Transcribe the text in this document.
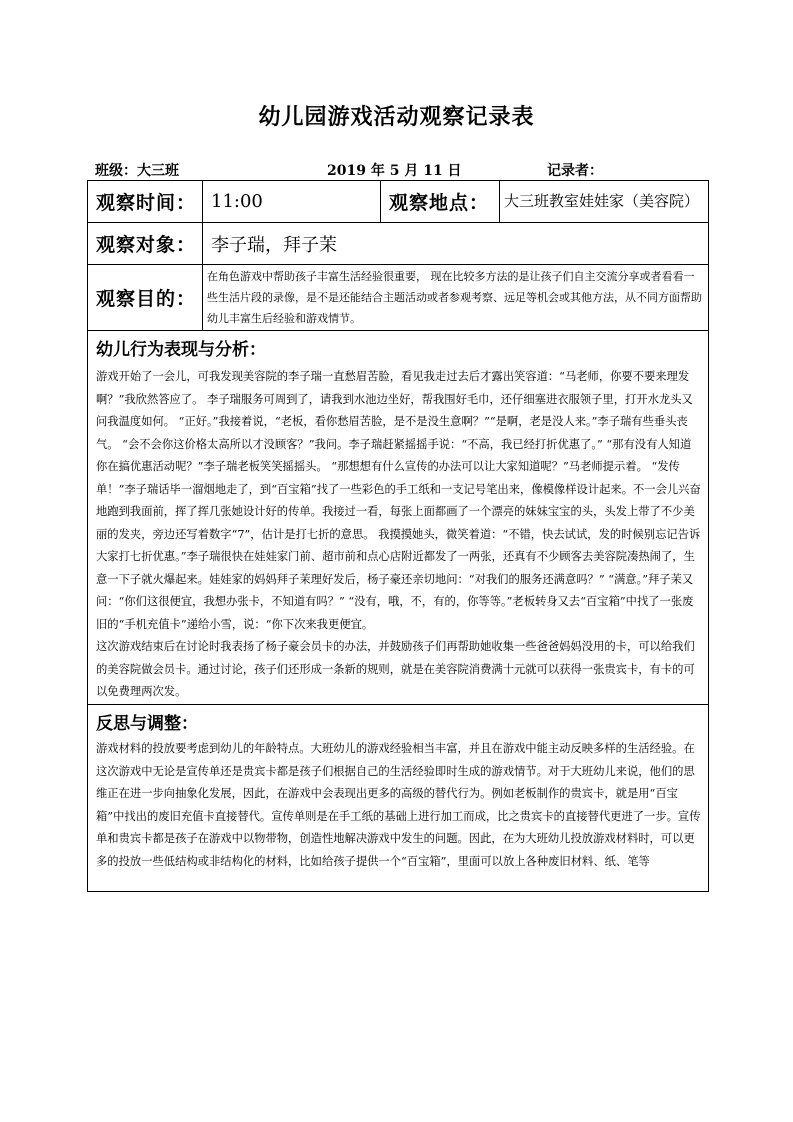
幼儿园游戏活动观察记录表
班级：大三班	2019 年 5 月 11 日	记录者：
观察时间：	11:00	观察地点：	大三班教室娃娃家（美容院）
观察对象：	李子瑞，拜子茉		
观察目的：	在角色游戏中帮助孩子丰富生活经验很重要， 现在比较多方法的是让孩子们自主交流分享或者看看一些生活片段的录像，是不是还能结合主题活动或者参观考察、远足等机会或其他方法，从不同方面帮助幼儿丰富生后经验和游戏情节。		

幼儿行为表现与分析：

游戏开始了一会儿，可我发现美容院的李子瑞一直愁眉苦脸，看见我走过去后才露出笑容道：“马老师，你要不要来理发啊？”我欣然答应了。 李子瑞服务可周到了，请我到水池边坐好，帮我围好毛巾，还仔细塞进衣服领子里，打开水龙头又问我温度如何。 “正好。”我接着说，“老板，看你愁眉苦脸，是不是没生意啊？”“是啊，老是没人来。”李子瑞有些垂头丧气。 “会不会你这价格太高所以才没顾客？”我问。李子瑞赶紧摇摇手说：“不高，我已经打折优惠了。” “那有没有人知道你在搞优惠活动呢？”李子瑞老板笑笑摇摇头。 “那想想有什么宣传的办法可以让大家知道呢？”马老师提示着。 “发传单！”李子瑞话毕一溜烟地走了，到“百宝箱”找了一些彩色的手工纸和一支记号笔出来，像模像样设计起来。不一会儿兴奋地跑到我面前，挥了挥几张她设计好的传单。我接过一看，每张上面都画了一个漂亮的妹妹宝宝的头，头发上带了不少美丽的发夹，旁边还写着数字“7”，估计是打七折的意思。 我摸摸她头，微笑着道：“不错，快去试试，发的时候别忘记告诉大家打七折优惠。”李子瑞很快在娃娃家门前、超市前和点心店附近都发了一两张，还真有不少顾客去美容院凑热闹了，生意一下子就火爆起来。娃娃家的妈妈拜子茉理好发后，杨子豪还亲切地问：“对我们的服务还满意吗？” “满意。”拜子茉又问：“你们这很便宜，我想办张卡，不知道有吗？” “没有，哦，不，有的，你等等。”老板转身又去“百宝箱”中找了一张废旧的“手机充值卡”递给小雪，说：“你下次来我更便宜。

这次游戏结束后在讨论时我表扬了杨子豪会员卡的办法，并鼓励孩子们再帮助她收集一些爸爸妈妈没用的卡，可以给我们的美容院做会员卡。通过讨论，孩子们还形成一条新的规则，就是在美容院消费满十元就可以获得一张贵宾卡，有卡的可以免费理两次发。			

反思与调整：

游戏材料的投放要考虑到幼儿的年龄特点。大班幼儿的游戏经验相当丰富，并且在游戏中能主动反映多样的生活经验。在这次游戏中无论是宣传单还是贵宾卡都是孩子们根据自己的生活经验即时生成的游戏情节。对于大班幼儿来说，他们的思维正在进一步向抽象化发展，因此，在游戏中会表现出更多的高级的替代行为。例如老板制作的贵宾卡，就是用“百宝箱”中找出的废旧充值卡直接替代。宣传单则是在手工纸的基础上进行加工而成，比之贵宾卡的直接替代更进了一步。宣传单和贵宾卡都是孩子在游戏中以物带物，创造性地解决游戏中发生的问题。因此，在为大班幼儿投放游戏材料时，可以更多的投放一些低结构或非结构化的材料，比如给孩子提供一个“百宝箱”，里面可以放上各种废旧材料、纸、笔等			
